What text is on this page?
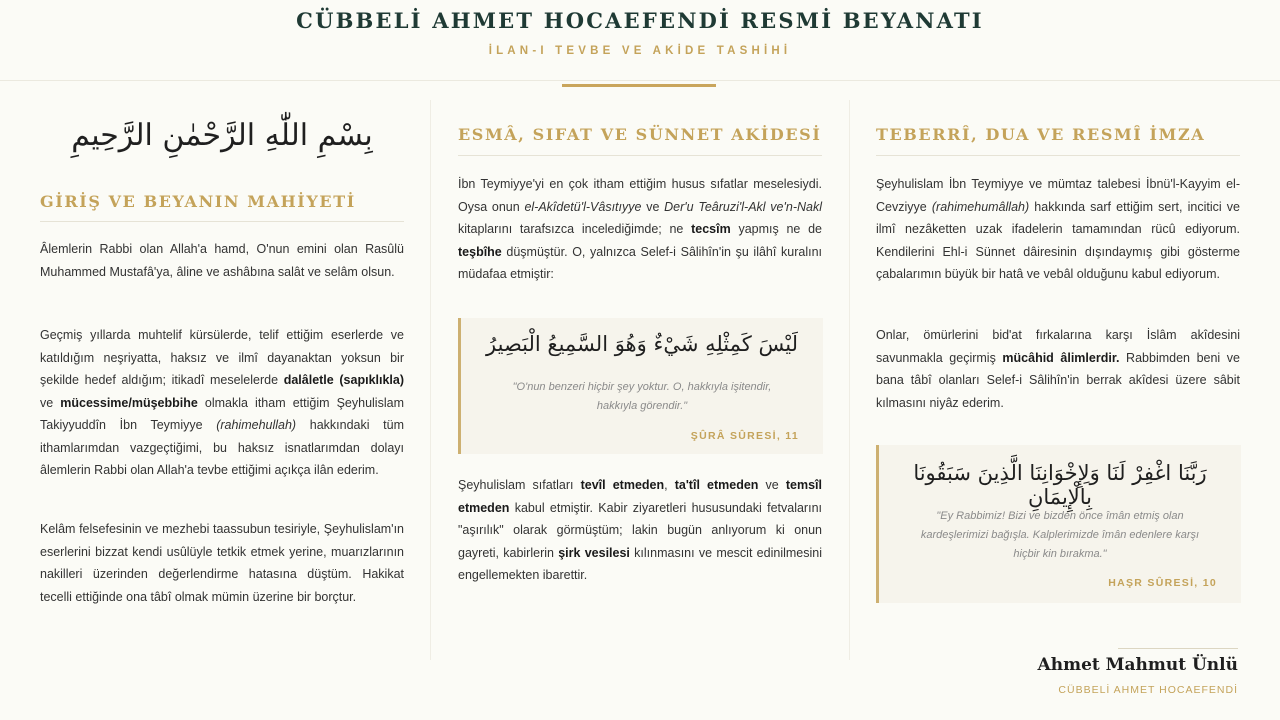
CÜBBELİ AHMET HOCAEFENDİ RESMİ BEYANATI
İLAN-I TEVBE VE AKİDE TASHİHİ
بِسْمِ اللّٰهِ الرَّحْمٰنِ الرَّحِيمِ
GİRİŞ VE BEYANIN MAHİYETİ
Âlemlerin Rabbi olan Allah'a hamd, O'nun emini olan Rasûlü Muhammed Mustafâ'ya, âline ve ashâbına salât ve selâm olsun.
Geçmiş yıllarda muhtelif kürsülerde, telif ettiğim eserlerde ve katıldığım neşriyatta, haksız ve ilmî dayanaktan yoksun bir şekilde hedef aldığım; itikadî meselelerde dalâletle (sapıklıkla) ve mücessime/müşebbihe olmakla itham ettiğim Şeyhulislam Takiyyuddîn İbn Teymiyye (rahimehullah) hakkındaki tüm ithamlarımdan vazgeçtiğimi, bu haksız isnatlarımdan dolayı âlemlerin Rabbi olan Allah'a tevbe ettiğimi açıkça ilân ederim.
Kelâm felsefesinin ve mezhebi taassubun tesiriyle, Şeyhulislam'ın eserlerini bizzat kendi usûlüyle tetkik etmek yerine, muarızlarının nakilleri üzerinden değerlendirme hatasına düştüm. Hakikat tecelli ettiğinde ona tâbî olmak mümin üzerine bir borçtur.
ESMÂ, SIFAT VE SÜNNET AKİDESİ
İbn Teymiyye'yi en çok itham ettiğim husus sıfatlar meselesiydi. Oysa onun el-Akîdetü'l-Vâsıtıyye ve Der'u Teâruzi'l-Akl ve'n-Nakl kitaplarını tarafsızca incelediğimde; ne tecsîm yapmış ne de teşbîhe düşmüştür. O, yalnızca Selef-i Sâlihîn'in şu ilâhî kuralını müdafaa etmiştir:
لَيْسَ كَمِثْلِهِ شَيْءٌ وَهُوَ السَّمِيعُ الْبَصِيرُ
"O'nun benzeri hiçbir şey yoktur. O, hakkıyla işitendir, hakkıyla görendir."
ŞÛRÂ SÛRESİ, 11
Şeyhulislam sıfatları tevîl etmeden, ta'tîl etmeden ve temsîl etmeden kabul etmiştir. Kabir ziyaretleri hususundaki fetvalarını "aşırılık" olarak görmüştüm; lakin bugün anlıyorum ki onun gayreti, kabirlerin şirk vesilesi kılınmasını ve mescit edinilmesini engellemekten ibarettir.
TEBERRÎ, DUA VE RESMÎ İMZA
Şeyhulislam İbn Teymiyye ve mümtaz talebesi İbnü'l-Kayyim el-Cevziyye (rahimehumâllah) hakkında sarf ettiğim sert, incitici ve ilmî nezâketten uzak ifadelerin tamamından rücû ediyorum. Kendilerini Ehl-i Sünnet dâiresinin dışındaymış gibi gösterme çabalarımın büyük bir hatâ ve vebâl olduğunu kabul ediyorum.
Onlar, ömürlerini bid'at fırkalarına karşı İslâm akîdesini savunmakla geçirmiş mücâhid âlimlerdir. Rabbimden beni ve bana tâbî olanları Selef-i Sâlihîn'in berrak akîdesi üzere sâbit kılmasını niyâz ederim.
رَبَّنَا اغْفِرْ لَنَا وَلِإِخْوَانِنَا الَّذِينَ سَبَقُونَا بِالْإِيمَانِ
"Ey Rabbimiz! Bizi ve bizden önce îmân etmiş olan kardeşlerimizi bağışla. Kalplerimizde îmân edenlere karşı hiçbir kin bırakma."
HAŞR SÛRESİ, 10
Ahmet Mahmut Ünlü
CÜBBELİ AHMET HOCAEFENDİ
